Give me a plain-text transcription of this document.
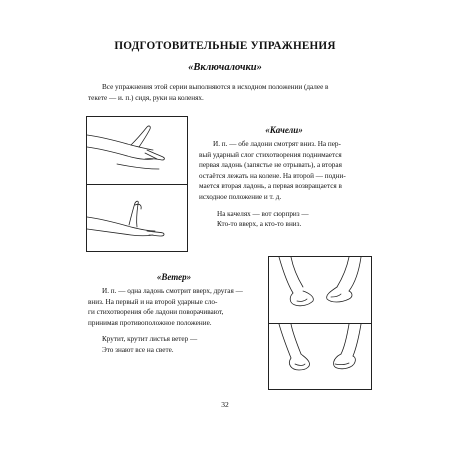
ПОДГОТОВИТЕЛЬНЫЕ УПРАЖНЕНИЯ
«Включалочки»
Все упражнения этой серии выполняются в исходном положении (далее в
текете — и. п.) сидя, руки на коленях.
«Качели»
И. п. — обе ладони смотрят вниз. На пер-
вый ударный слог стихотворения поднимается
первая ладонь (запястье не отрывать), а вторая
остаётся лежать на колене. На второй — подни-
мается вторая ладонь, а первая возвращается в
исходное положение и т. д.
На качелях — вот сюрприз —
Кто-то вверх, а кто-то вниз.
«Ветер»
И. п. — одна ладонь смотрит вверх, другая —
вниз. На первый и на второй ударные сло-
ги стихотворения обе ладони поворачивают,
принимая противоположное положение.
Крутит, крутит листья ветер —
Это знают все на свете.
32
